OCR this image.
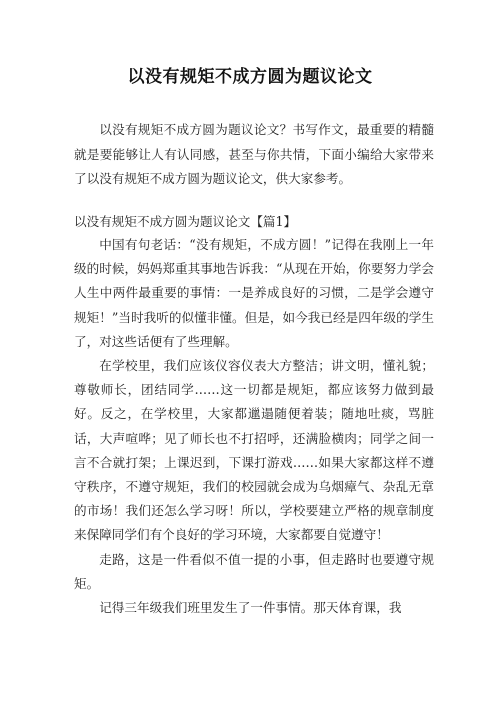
以没有规矩不成方圆为题议论文

以没有规矩不成方圆为题议论文？书写作文，最重要的精髓就是要能够让人有认同感，甚至与你共情，下面小编给大家带来了以没有规矩不成方圆为题议论文，供大家参考。

以没有规矩不成方圆为题议论文【篇1】

中国有句老话：“没有规矩，不成方圆！”记得在我刚上一年级的时候，妈妈郑重其事地告诉我：“从现在开始，你要努力学会人生中两件最重要的事情：一是养成良好的习惯，二是学会遵守规矩！”当时我听的似懂非懂。但是，如今我已经是四年级的学生了，对这些话便有了些理解。

在学校里，我们应该仪容仪表大方整洁；讲文明，懂礼貌；尊敬师长，团结同学……这一切都是规矩，都应该努力做到最好。反之，在学校里，大家都邋遢随便着装；随地吐痰，骂脏话，大声喧哗；见了师长也不打招呼，还满脸横肉；同学之间一言不合就打架；上课迟到，下课打游戏……如果大家都这样不遵守秩序，不遵守规矩，我们的校园就会成为乌烟瘴气、杂乱无章的市场！我们还怎么学习呀！所以，学校要建立严格的规章制度来保障同学们有个良好的学习环境，大家都要自觉遵守！

走路，这是一件看似不值一提的小事，但走路时也要遵守规矩。

记得三年级我们班里发生了一件事情。那天体育课，我
